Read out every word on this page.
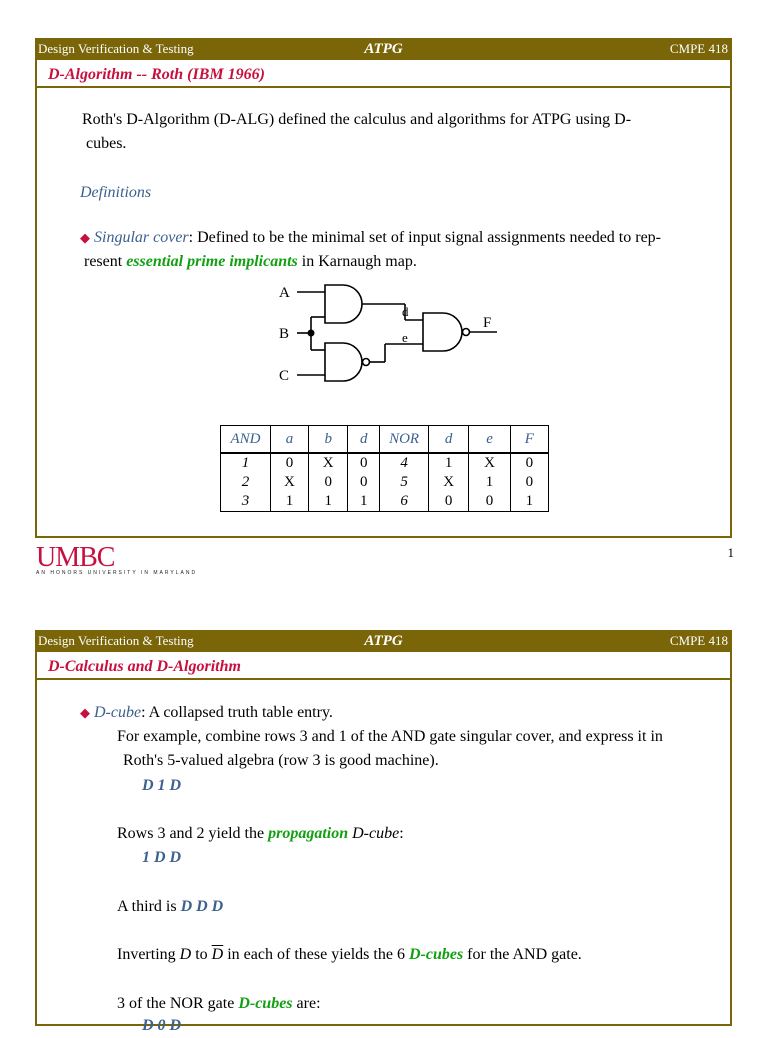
Design Verification & Testing	ATPG	CMPE 418
D-Algorithm -- Roth (IBM 1966)
Roth's D-Algorithm (D-ALG) defined the calculus and algorithms for ATPG using D-
cubes.
Definitions
◆ Singular cover: Defined to be the minimal set of input signal assignments needed to rep-
resent essential prime implicants in Karnaugh map.
A
B
C
d
e
F
AND	a	b	d	NOR	d	e	F
1	0	X	0	4	1	X	0
2	X	0	0	5	X	1	0
3	1	1	1	6	0	0	1
UMBC
AN HONORS UNIVERSITY IN MARYLAND
1
Design Verification & Testing	ATPG	CMPE 418
D-Calculus and D-Algorithm
◆ D-cube: A collapsed truth table entry.
For example, combine rows 3 and 1 of the AND gate singular cover, and express it in
Roth's 5-valued algebra (row 3 is good machine).
D 1 D
Rows 3 and 2 yield the propagation D-cube:
1 D D
A third is D D D
Inverting D to $\overline{D}$ in each of these yields the 6 D-cubes for the AND gate.
3 of the NOR gate D-cubes are:
D 0 D
